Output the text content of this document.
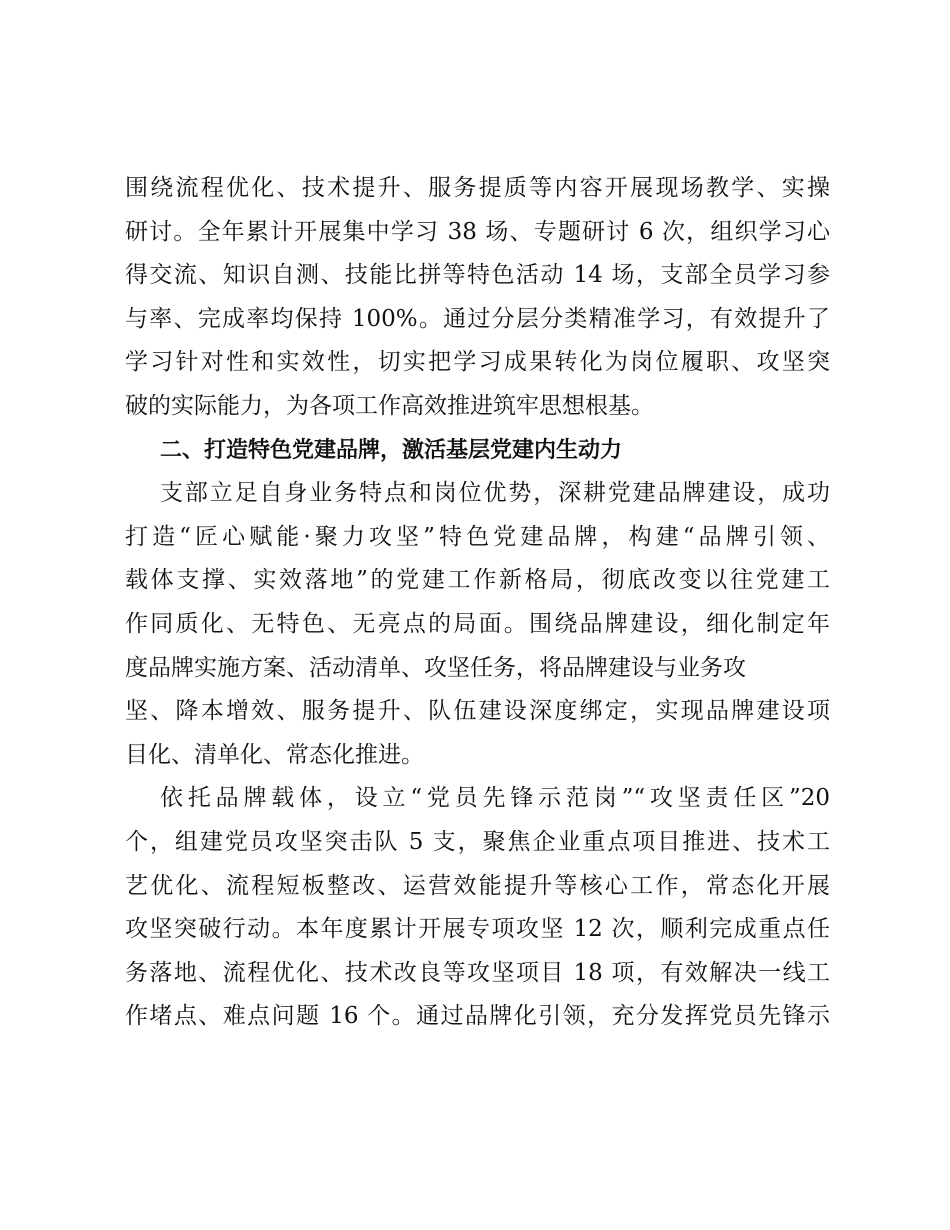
围绕流程优化、技术提升、服务提质等内容开展现场教学、实操
研讨。全年累计开展集中学习 38 场、专题研讨 6 次，组织学习心
得交流、知识自测、技能比拼等特色活动 14 场，支部全员学习参
与率、完成率均保持 100%。通过分层分类精准学习，有效提升了
学习针对性和实效性，切实把学习成果转化为岗位履职、攻坚突
破的实际能力，为各项工作高效推进筑牢思想根基。
二、打造特色党建品牌，激活基层党建内生动力
支部立足自身业务特点和岗位优势，深耕党建品牌建设，成功
打造“匠心赋能·聚力攻坚”特色党建品牌，构建“品牌引领、
载体支撑、实效落地”的党建工作新格局，彻底改变以往党建工
作同质化、无特色、无亮点的局面。围绕品牌建设，细化制定年
度品牌实施方案、活动清单、攻坚任务，将品牌建设与业务攻
坚、降本增效、服务提升、队伍建设深度绑定，实现品牌建设项
目化、清单化、常态化推进。
依托品牌载体，设立“党员先锋示范岗”“攻坚责任区”20
个，组建党员攻坚突击队 5 支，聚焦企业重点项目推进、技术工
艺优化、流程短板整改、运营效能提升等核心工作，常态化开展
攻坚突破行动。本年度累计开展专项攻坚 12 次，顺利完成重点任
务落地、流程优化、技术改良等攻坚项目 18 项，有效解决一线工
作堵点、难点问题 16 个。通过品牌化引领，充分发挥党员先锋示
